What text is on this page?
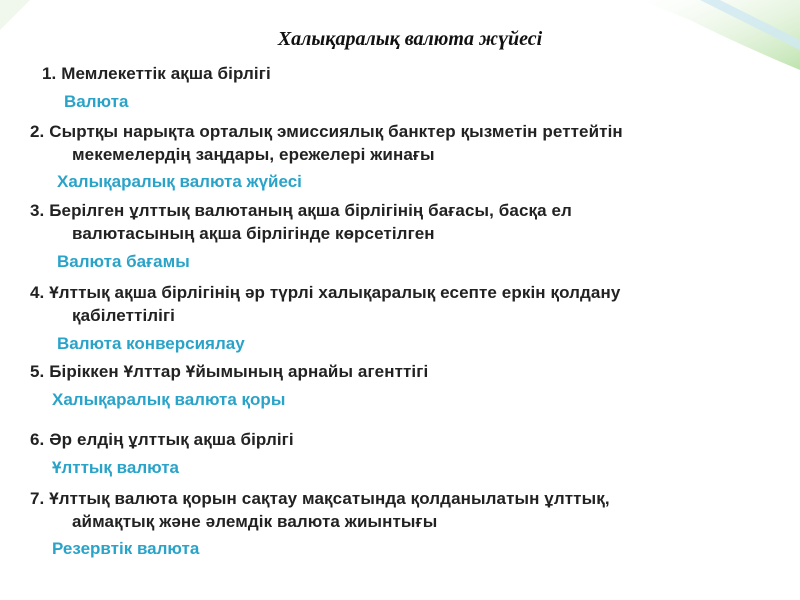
Халықаралық валюта жүйесі
1. Мемлекеттік ақша бірлігі
Валюта
2. Сыртқы нарықта орталық эмиссиялық банктер қызметін реттейтін
мекемелердің заңдары, ережелері жинағы
Халықаралық валюта жүйесі
3. Берілген ұлттық валютаның ақша бірлігінің бағасы, басқа ел
валютасының ақша бірлігінде көрсетілген
Валюта бағамы
4. Ұлттық ақша бірлігінің әр түрлі халықаралық есепте еркін қолдану
қабілеттілігі
Валюта конверсиялау
5. Біріккен Ұлттар Ұйымының арнайы агенттігі
Халықаралық валюта қоры
6. Әр елдің ұлттық ақша бірлігі
Ұлттық валюта
7. Ұлттық валюта қорын сақтау мақсатында қолданылатын ұлттық,
аймақтық және әлемдік валюта жиынтығы
Резервтік валюта
